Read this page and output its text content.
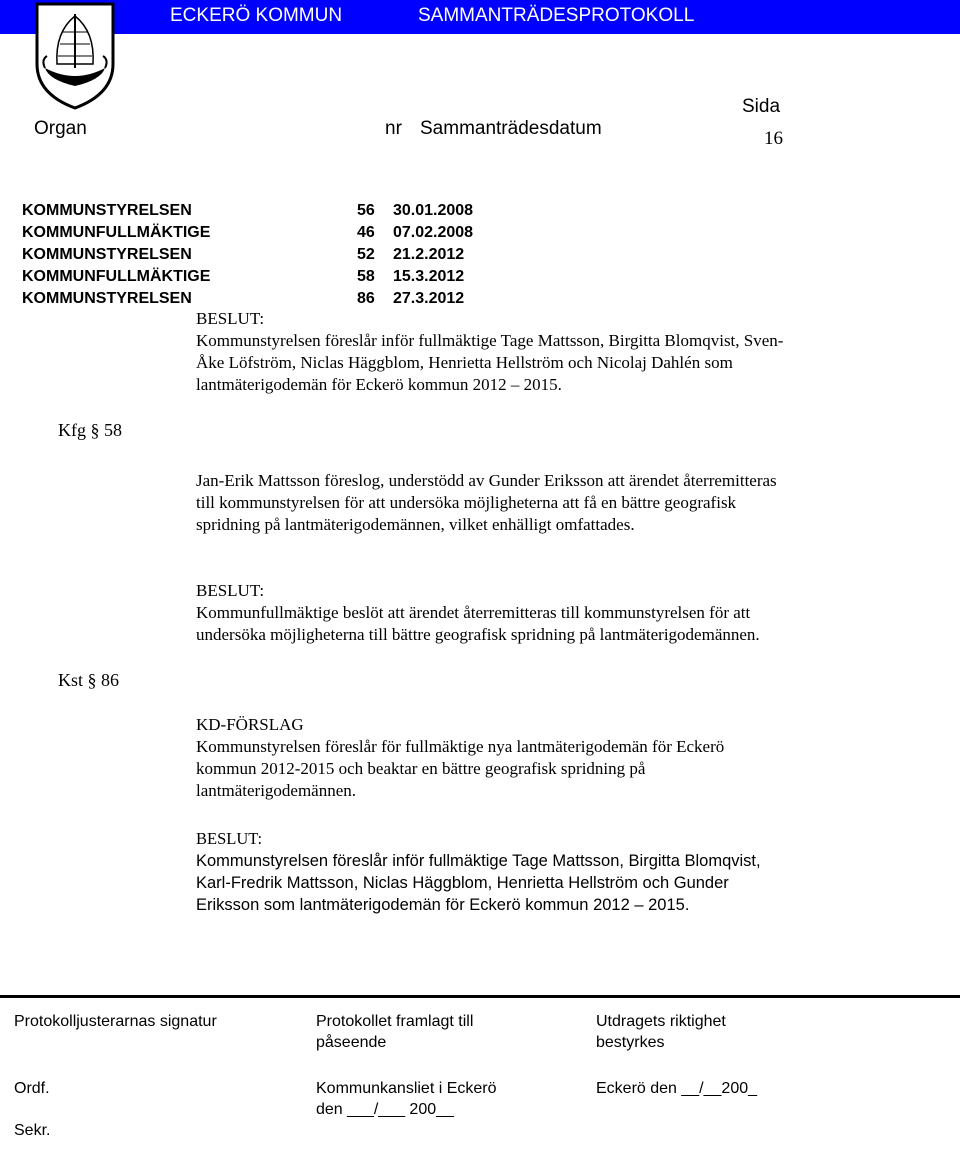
ECKERÖ KOMMUN	SAMMANTRÄDESPROTOKOLL
Organ	nr Sammanträdesdatum
Sida
16
KOMMUNSTYRELSEN	56	30.01.2008
KOMMUNFULLMÄKTIGE	46	07.02.2008
KOMMUNSTYRELSEN	52	21.2.2012
KOMMUNFULLMÄKTIGE	58	15.3.2012
KOMMUNSTYRELSEN	86	27.3.2012
Kfg § 58
Kst § 86

BESLUT:

Kommunstyrelsen föreslår inför fullmäktige Tage Mattsson, Birgitta Blomqvist, Sven-Åke Löfström, Niclas Häggblom, Henrietta Hellström och Nicolaj Dahlén som lantmäterigodemän för Eckerö kommun 2012 – 2015.

Jan-Erik Mattsson föreslog, understödd av Gunder Eriksson att ärendet återremitteras till kommunstyrelsen för att undersöka möjligheterna att få en bättre geografisk spridning på lantmäterigodemännen, vilket enhälligt omfattades.

BESLUT:

Kommunfullmäktige beslöt att ärendet återremitteras till kommunstyrelsen för att undersöka möjligheterna till bättre geografisk spridning på lantmäterigodemännen.

KD-FÖRSLAG

Kommunstyrelsen föreslår för fullmäktige nya lantmäterigodemän för Eckerö kommun 2012-2015 och beaktar en bättre geografisk spridning på lantmäterigodemännen.

BESLUT:

Kommunstyrelsen föreslår inför fullmäktige Tage Mattsson, Birgitta Blomqvist, Karl-Fredrik Mattsson, Niclas Häggblom, Henrietta Hellström och Gunder Eriksson som lantmäterigodemän för Eckerö kommun 2012 – 2015.

Protokolljusterarnas signatur	Protokollet framlagt till påseende
Utdragets riktighet bestyrkes
Ordf.
Sekr.
Kommunkansliet i Eckerö
den ___/___ 200__
Eckerö den __/__200_
